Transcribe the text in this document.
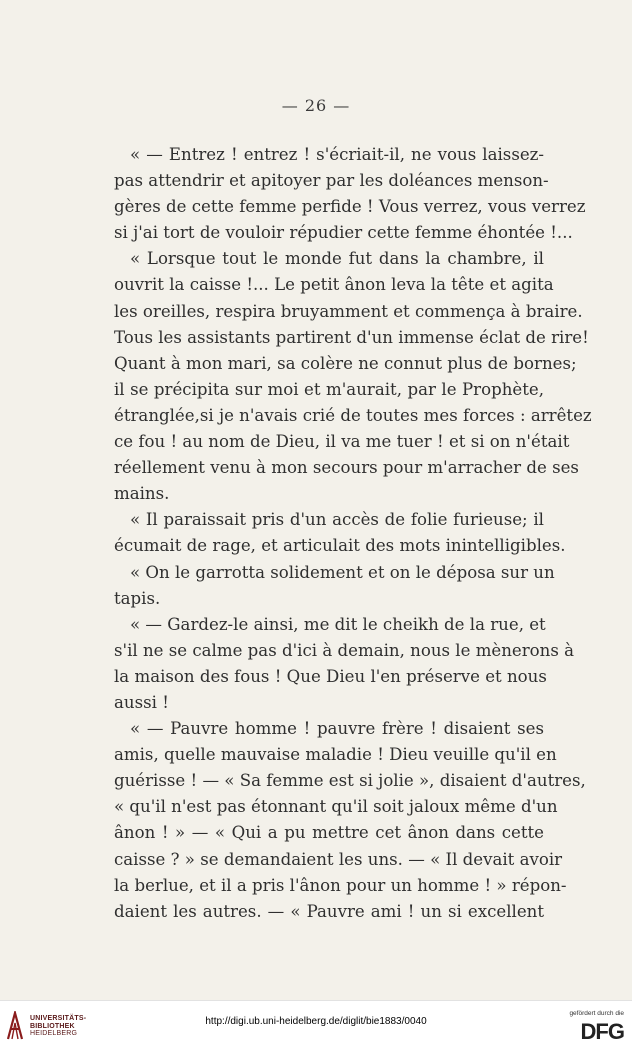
— 26 —

« — Entrez ! entrez ! s'écriait-il, ne vous laissez-

pas attendrir et apitoyer par les doléances menson-

gères de cette femme perfide ! Vous verrez, vous verrez

si j'ai tort de vouloir répudier cette femme éhontée !...

« Lorsque tout le monde fut dans la chambre, il

ouvrit la caisse !... Le petit ânon leva la tête et agita

les oreilles, respira bruyamment et commença à braire.

Tous les assistants partirent d'un immense éclat de rire!

Quant à mon mari, sa colère ne connut plus de bornes;

il se précipita sur moi et m'aurait, par le Prophète,

étranglée,si je n'avais crié de toutes mes forces : arrêtez

ce fou ! au nom de Dieu, il va me tuer ! et si on n'était

réellement venu à mon secours pour m'arracher de ses

mains.

« Il paraissait pris d'un accès de folie furieuse; il

écumait de rage, et articulait des mots inintelligibles.

« On le garrotta solidement et on le déposa sur un

tapis.

« — Gardez-le ainsi, me dit le cheikh de la rue, et

s'il ne se calme pas d'ici à demain, nous le mènerons à

la maison des fous ! Que Dieu l'en préserve et nous

aussi !

« — Pauvre homme ! pauvre frère ! disaient ses

amis, quelle mauvaise maladie ! Dieu veuille qu'il en

guérisse ! — « Sa femme est si jolie », disaient d'autres,

« qu'il n'est pas étonnant qu'il soit jaloux même d'un

ânon ! » — « Qui a pu mettre cet ânon dans cette

caisse ? » se demandaient les uns. — « Il devait avoir

la berlue, et il a pris l'ânon pour un homme ! » répon-

daient les autres. — « Pauvre ami ! un si excellent

UNIVERSITÄTS-
BIBLIOTHEK
HEIDELBERG
http://digi.ub.uni-heidelberg.de/diglit/bie1883/0040
gefördert durch die
DFG
